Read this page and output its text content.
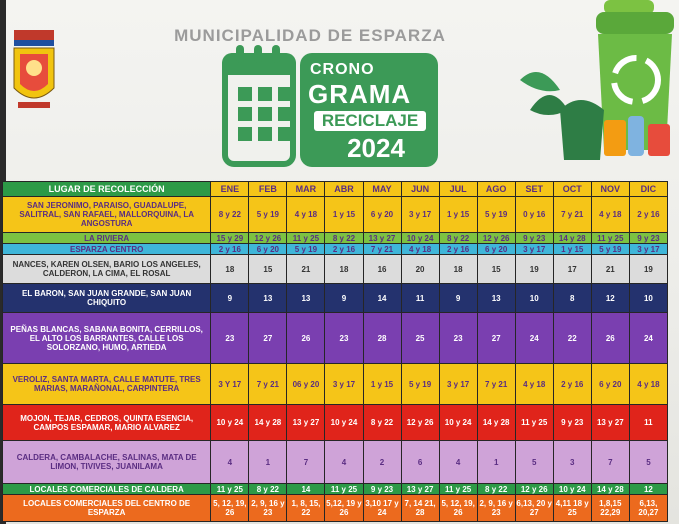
MUNICIPALIDAD DE ESPARZA
CRONO
GRAMA
RECICLAJE
2024
LUGAR DE RECOLECCIÓN	ENE	FEB	MAR	ABR	MAY	JUN	JUL	AGO	SET	OCT	NOV	DIC
SAN JERONIMO, PARAISO, GUADALUPE, SALITRAL, SAN RAFAEL, MALLORQUINA, LA ANGOSTURA	8 y 22	5 y 19	4 y 18	1 y 15	6 y 20	3 y 17	1 y 15	5 y 19	0 y 16	7 y 21	4 y 18	2 y 16
LA RIVIERA	15 y 29	12 y 26	11 y 25	8 y 22	13 y 27	10 y 24	8 y 22	12 y 26	9 y 23	14 y 28	11 y 25	9 y 23
ESPARZA CENTRO	2 y 16	6 y 20	5 y 19	2 y 16	7 y 21	4 y 18	2 y 16	6 y 20	3 y 17	1 y 15	5 y 19	3 y 17
NANCES, KAREN OLSEN, BARIO LOS ANGELES, CALDERON, LA CIMA, EL ROSAL	18	15	21	18	16	20	18	15	19	17	21	19
EL BARON, SAN JUAN GRANDE, SAN JUAN CHIQUITO	9	13	13	9	14	11	9	13	10	8	12	10
PEÑAS BLANCAS, SABANA BONITA, CERRILLOS, EL ALTO LOS BARRANTES, CALLE LOS SOLORZANO, HUMO, ARTIEDA	23	27	26	23	28	25	23	27	24	22	26	24
VEROLIZ, SANTA MARTA, CALLE MATUTE, TRES MARIAS, MARAÑONAL, CARPINTERA	3 Y 17	7 y 21	06 y 20	3 y 17	1 y 15	5 y 19	3 y 17	7 y 21	4 y 18	2 y 16	6 y 20	4 y 18
MOJON, TEJAR, CEDROS, QUINTA ESENCIA, CAMPOS ESPAMAR, MARIO ALVAREZ	10 y 24	14 y 28	13 y 27	10 y 24	8 y 22	12 y 26	10 y 24	14 y 28	11 y 25	9 y 23	13 y 27	11
CALDERA, CAMBALACHE, SALINAS, MATA DE LIMON, TIVIVES, JUANILAMA	4	1	7	4	2	6	4	1	5	3	7	5
LOCALES COMERCIALES DE CALDERA	11 y 25	8 y 22	14	11 y 25	9 y 23	13 y 27	11 y 25	8 y 22	12 y 26	10 y 24	14 y 28	12
LOCALES COMERCIALES DEL CENTRO DE ESPARZA	5, 12, 19, 26	2, 9, 16 y 23	1, 8, 15, 22	5,12, 19 y 26	3,10 17 y 24	7, 14 21, 28	5, 12, 19, 26	2, 9, 16 y 23	6,13, 20 y 27	4,11 18 y 25	1,8,15 22,29	6,13, 20,27
